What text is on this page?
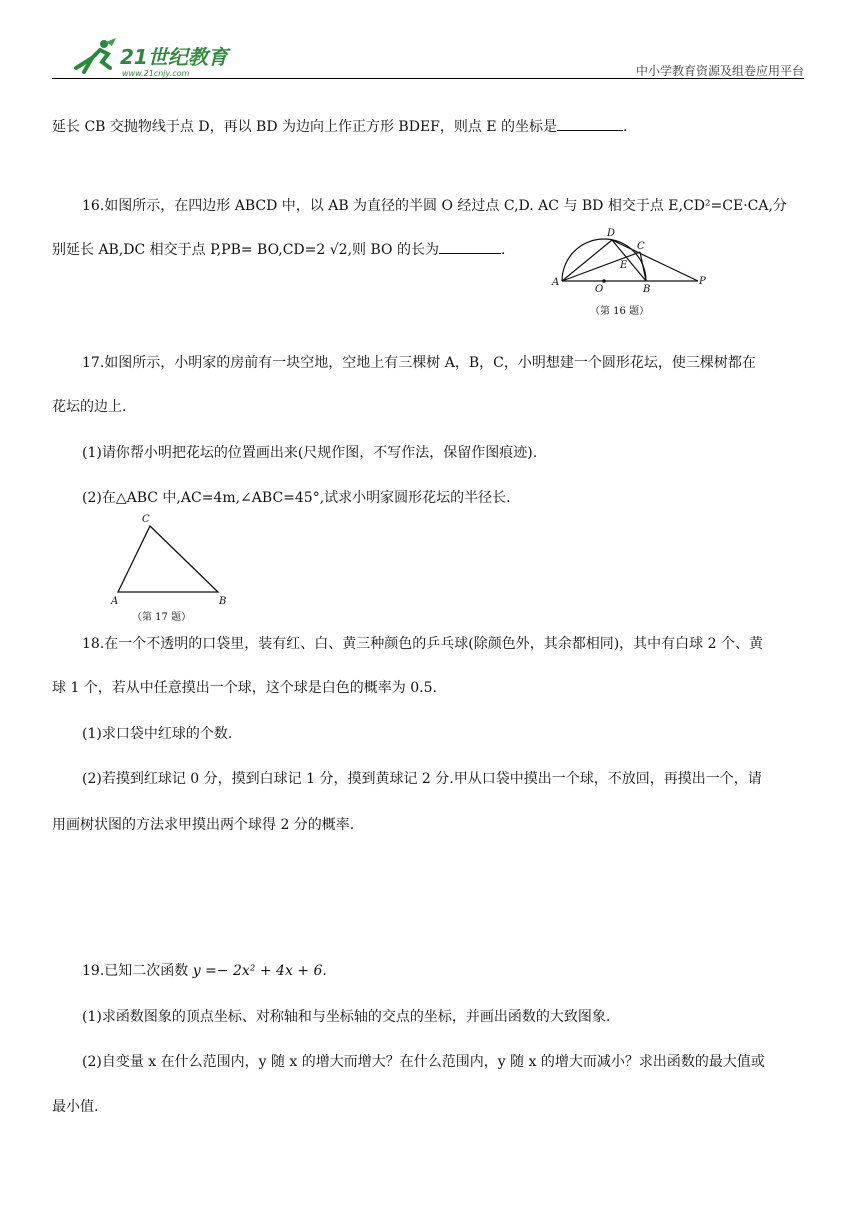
21世纪教育
www.21cnjy.com	中小学教育资源及组卷应用平台
延长 CB 交抛物线于点 D，再以 BD 为边向上作正方形 BDEF，则点 E 的坐标是	.
16.如图所示，在四边形 ABCD 中，以 AB 为直径的半圆 O 经过点 C,D. AC 与 BD 相交于点 E,CD²=CE·CA,分
别延长 AB,DC 相交于点 P,PB= BO,CD=2 √2,则 BO 的长为	.
A
O	B
P
D
C
E
（第 16 题）
17.如图所示，小明家的房前有一块空地，空地上有三棵树 A，B，C，小明想建一个圆形花坛，使三棵树都在
花坛的边上.
(1)请你帮小明把花坛的位置画出来(尺规作图，不写作法，保留作图痕迹).
(2)在△ABC 中,AC=4m,∠ABC=45°,试求小明家圆形花坛的半径长.
A	B
C
（第 17 题）
18.在一个不透明的口袋里，装有红、白、黄三种颜色的乒乓球(除颜色外，其余都相同)，其中有白球 2 个、黄
球 1 个，若从中任意摸出一个球，这个球是白色的概率为 0.5.
(1)求口袋中红球的个数.
(2)若摸到红球记 0 分，摸到白球记 1 分，摸到黄球记 2 分.甲从口袋中摸出一个球，不放回，再摸出一个，请
用画树状图的方法求甲摸出两个球得 2 分的概率.
19.已知二次函数 y =− 2x² + 4x + 6.
(1)求函数图象的顶点坐标、对称轴和与坐标轴的交点的坐标，并画出函数的大致图象.
(2)自变量 x 在什么范围内，y 随 x 的增大而增大？在什么范围内，y 随 x 的增大而减小？求出函数的最大值或
最小值.
